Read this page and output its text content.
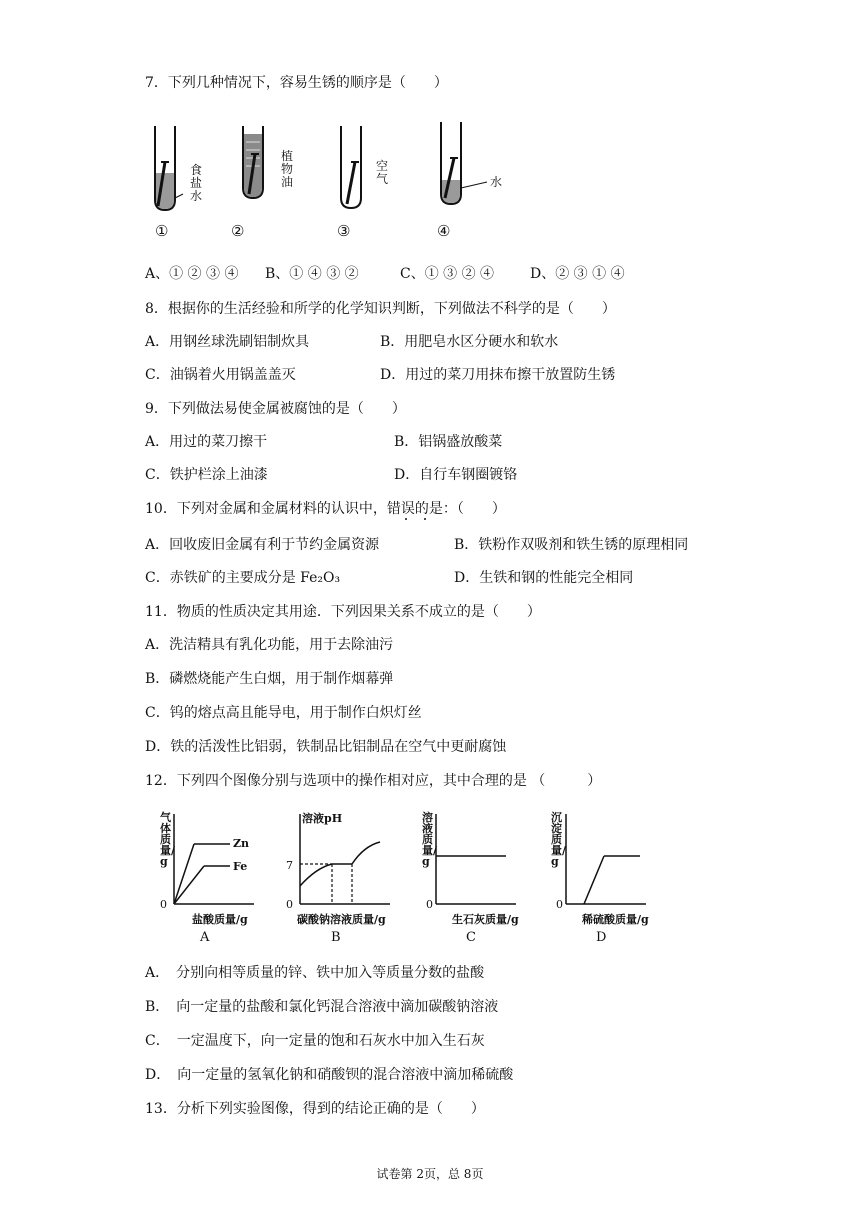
7．下列几种情况下，容易生锈的顺序是（　　）
食盐水
植物油
空气	水
①	②	③	④
A、① ② ③ ④ B、① ④ ③ ②	C、① ③ ② ④	D、② ③ ① ④
8．根据你的生活经验和所学的化学知识判断，下列做法不科学的是（　　）
A．用钢丝球洗刷铝制炊具	B．用肥皂水区分硬水和软水
C．油锅着火用锅盖盖灭	D．用过的菜刀用抹布擦干放置防生锈
9．下列做法易使金属被腐蚀的是（　　）
A．用过的菜刀擦干	B．铝锅盛放酸菜
C．铁护栏涂上油漆	D．自行车钢圈镀铬
10．下列对金属和金属材料的认识中，错误的是：（　　）
A．回收废旧金属有利于节约金属资源	B．铁粉作双吸剂和铁生锈的原理相同
C．赤铁矿的主要成分是 Fe₂O₃	D．生铁和钢的性能完全相同
11．物质的性质决定其用途．下列因果关系不成立的是（　　）
A．洗洁精具有乳化功能，用于去除油污
B．磷燃烧能产生白烟，用于制作烟幕弹
C．钨的熔点高且能导电，用于制作白炽灯丝
D．铁的活泼性比铝弱，铁制品比铝制品在空气中更耐腐蚀
12．下列四个图像分别与选项中的操作相对应，其中合理的是 （　　　）
气体质量/g
盐酸质量/g
0
Zn
Fe
A
溶液pH
7
0
碳酸钠溶液质量/g
B
溶液质量/g
0
生石灰质量/g
C
沉淀质量/g
0
稀硫酸质量/g
D
A．　分别向相等质量的锌、铁中加入等质量分数的盐酸
B．　向一定量的盐酸和氯化钙混合溶液中滴加碳酸钠溶液
C．　一定温度下，向一定量的饱和石灰水中加入生石灰
D．　向一定量的氢氧化钠和硝酸钡的混合溶液中滴加稀硫酸
13．分析下列实验图像，得到的结论正确的是（　　）
试卷第 2页，总 8页
